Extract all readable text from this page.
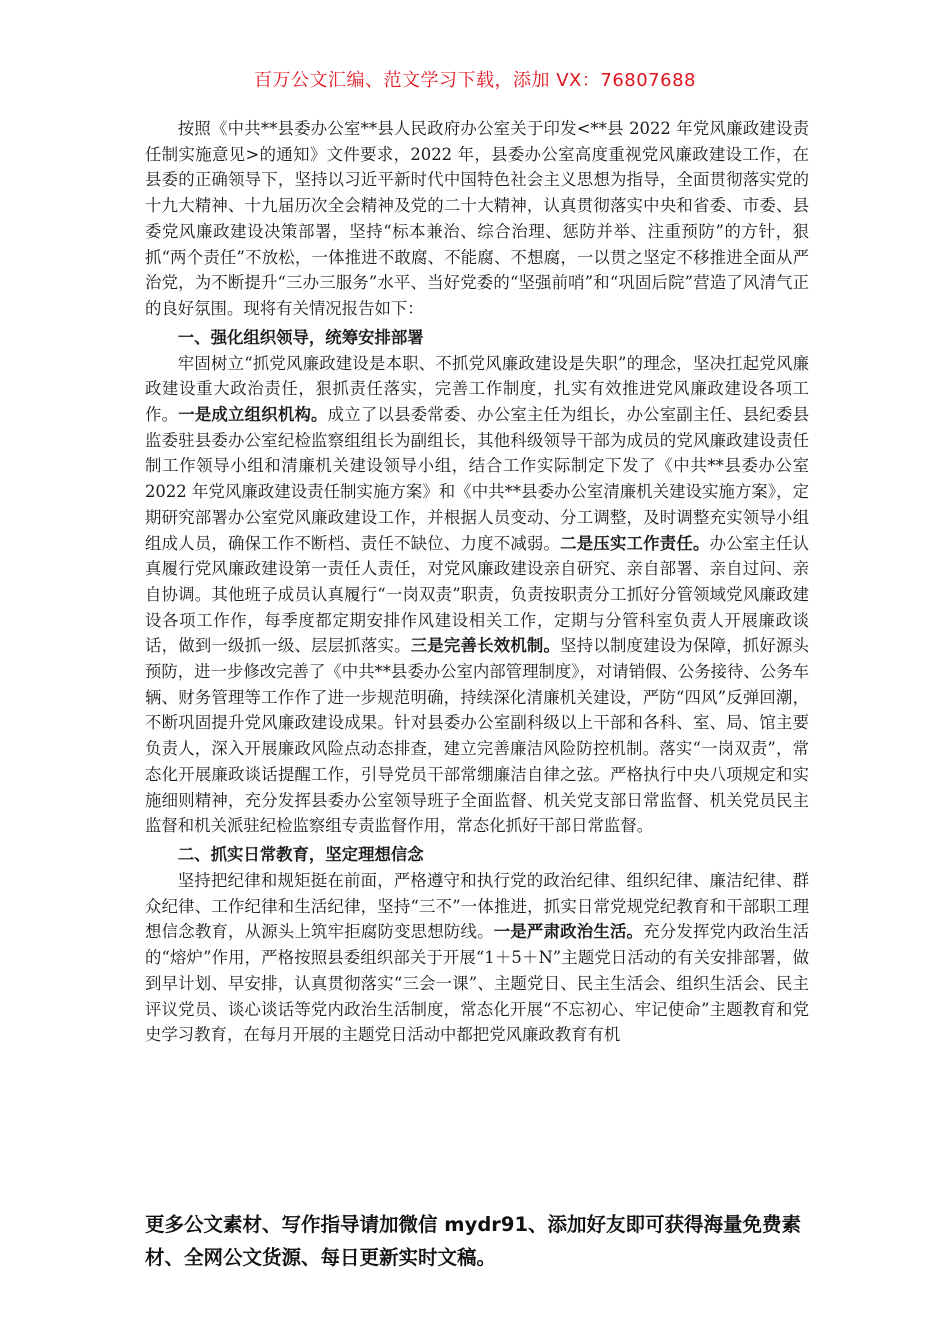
百万公文汇编、范文学习下载，添加 VX：76807688

按照《中共**县委办公室**县人民政府办公室关于印发<**县 2022 年党风廉政建设责任制实施意见>的通知》文件要求，2022 年，县委办公室高度重视党风廉政建设工作，在县委的正确领导下，坚持以习近平新时代中国特色社会主义思想为指导，全面贯彻落实党的十九大精神、十九届历次全会精神及党的二十大精神，认真贯彻落实中央和省委、市委、县委党风廉政建设决策部署，坚持“标本兼治、综合治理、惩防并举、注重预防”的方针，狠抓“两个责任”不放松，一体推进不敢腐、不能腐、不想腐，一以贯之坚定不移推进全面从严治党，为不断提升“三办三服务”水平、当好党委的“坚强前哨”和“巩固后院”营造了风清气正的良好氛围。现将有关情况报告如下：

一、强化组织领导，统筹安排部署

牢固树立“抓党风廉政建设是本职、不抓党风廉政建设是失职”的理念，坚决扛起党风廉政建设重大政治责任，狠抓责任落实，完善工作制度，扎实有效推进党风廉政建设各项工作。一是成立组织机构。成立了以县委常委、办公室主任为组长，办公室副主任、县纪委县监委驻县委办公室纪检监察组组长为副组长，其他科级领导干部为成员的党风廉政建设责任制工作领导小组和清廉机关建设领导小组，结合工作实际制定下发了《中共**县委办公室 2022 年党风廉政建设责任制实施方案》和《中共**县委办公室清廉机关建设实施方案》，定期研究部署办公室党风廉政建设工作，并根据人员变动、分工调整，及时调整充实领导小组组成人员，确保工作不断档、责任不缺位、力度不减弱。二是压实工作责任。办公室主任认真履行党风廉政建设第一责任人责任，对党风廉政建设亲自研究、亲自部署、亲自过问、亲自协调。其他班子成员认真履行“一岗双责”职责，负责按职责分工抓好分管领域党风廉政建设各项工作作，每季度都定期安排作风建设相关工作，定期与分管科室负责人开展廉政谈话，做到一级抓一级、层层抓落实。三是完善长效机制。坚持以制度建设为保障，抓好源头预防，进一步修改完善了《中共**县委办公室内部管理制度》，对请销假、公务接待、公务车辆、财务管理等工作作了进一步规范明确，持续深化清廉机关建设，严防“四风”反弹回潮，不断巩固提升党风廉政建设成果。针对县委办公室副科级以上干部和各科、室、局、馆主要负责人，深入开展廉政风险点动态排查，建立完善廉洁风险防控机制。落实“一岗双责”，常态化开展廉政谈话提醒工作，引导党员干部常绷廉洁自律之弦。严格执行中央八项规定和实施细则精神，充分发挥县委办公室领导班子全面监督、机关党支部日常监督、机关党员民主监督和机关派驻纪检监察组专责监督作用，常态化抓好干部日常监督。

二、抓实日常教育，坚定理想信念

坚持把纪律和规矩挺在前面，严格遵守和执行党的政治纪律、组织纪律、廉洁纪律、群众纪律、工作纪律和生活纪律，坚持“三不”一体推进，抓实日常党规党纪教育和干部职工理想信念教育，从源头上筑牢拒腐防变思想防线。一是严肃政治生活。充分发挥党内政治生活的“熔炉”作用，严格按照县委组织部关于开展“1＋5＋N”主题党日活动的有关安排部署，做到早计划、早安排，认真贯彻落实“三会一课”、主题党日、民主生活会、组织生活会、民主评议党员、谈心谈话等党内政治生活制度，常态化开展“不忘初心、牢记使命”主题教育和党史学习教育，在每月开展的主题党日活动中都把党风廉政教育有机

更多公文素材、写作指导请加微信 mydr91、添加好友即可获得海量免费素材、全网公文货源、每日更新实时文稿。
